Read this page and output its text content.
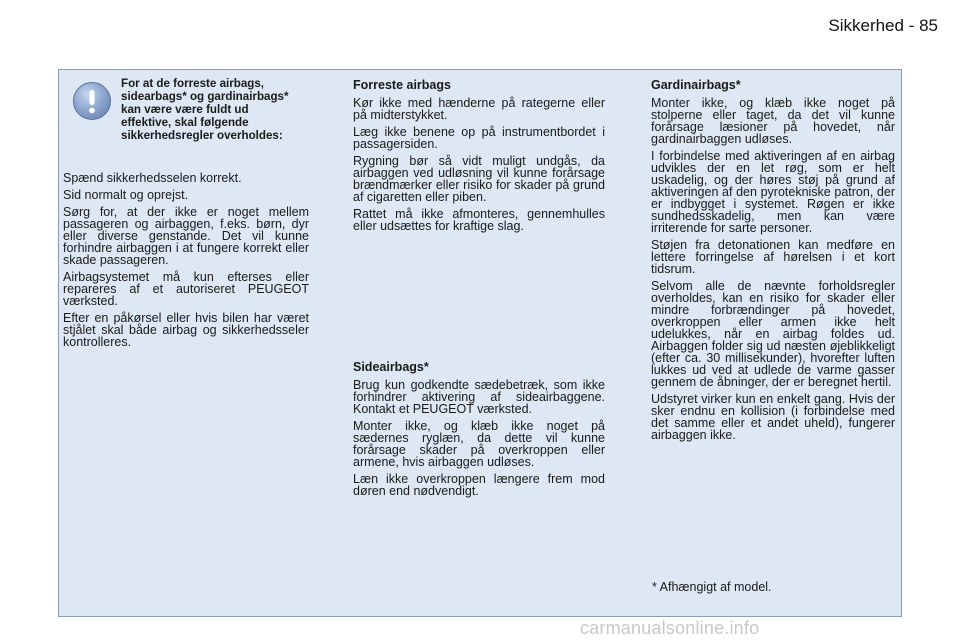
Sikkerhed - 85
For at de forreste airbags, sidearbags* og gardinairbags* kan være være fuldt ud effektive, skal følgende sikkerhedsregler overholdes:

Spænd sikkerhedsselen korrekt.

Sid normalt og oprejst.

Sørg for, at der ikke er noget mellem passageren og airbaggen, f.eks. børn, dyr eller diverse genstande. Det vil kunne forhindre airbaggen i at fungere korrekt eller skade passageren.

Airbagsystemet må kun efterses eller repareres af et autoriseret PEUGEOT værksted.

Efter en påkørsel eller hvis bilen har været stjålet skal både airbag og sikkerhedsseler kontrolleres.

Forreste airbags

Kør ikke med hænderne på rategerne eller på midterstykket.

Læg ikke benene op på instrumentbordet i passagersiden.

Rygning bør så vidt muligt undgås, da airbaggen ved udløsning vil kunne forårsage brændmærker eller risiko for skader på grund af cigaretten eller piben.

Rattet må ikke afmonteres, gennemhulles eller udsættes for kraftige slag.

Sideairbags*

Brug kun godkendte sædebetræk, som ikke forhindrer aktivering af sideairbaggene. Kontakt et PEUGEOT værksted.

Monter ikke, og klæb ikke noget på sædernes ryglæn, da dette vil kunne forårsage skader på overkroppen eller armene, hvis airbaggen udløses.

Læn ikke overkroppen længere frem mod døren end nødvendigt.

Gardinairbags*

Monter ikke, og klæb ikke noget på stolperne eller taget, da det vil kunne forårsage læsioner på hovedet, når gardinairbaggen udløses.

I forbindelse med aktiveringen af en airbag udvikles der en let røg, som er helt uskadelig, og der høres støj på grund af aktiveringen af den pyrotekniske patron, der er indbygget i systemet. Røgen er ikke sundhedsskadelig, men kan være irriterende for sarte personer.

Støjen fra detonationen kan medføre en lettere forringelse af hørelsen i et kort tidsrum.

Selvom alle de nævnte forholdsregler overholdes, kan en risiko for skader eller mindre forbrændinger på hovedet, overkroppen eller armen ikke helt udelukkes, når en airbag foldes ud. Airbaggen folder sig ud næsten øjeblikkeligt (efter ca. 30 millisekunder), hvorefter luften lukkes ud ved at udlede de varme gasser gennem de åbninger, der er beregnet hertil.

Udstyret virker kun en enkelt gang. Hvis der sker endnu en kollision (i forbindelse med det samme eller et andet uheld), fungerer airbaggen ikke.

* Afhængigt af model.
carmanualsonline.info
